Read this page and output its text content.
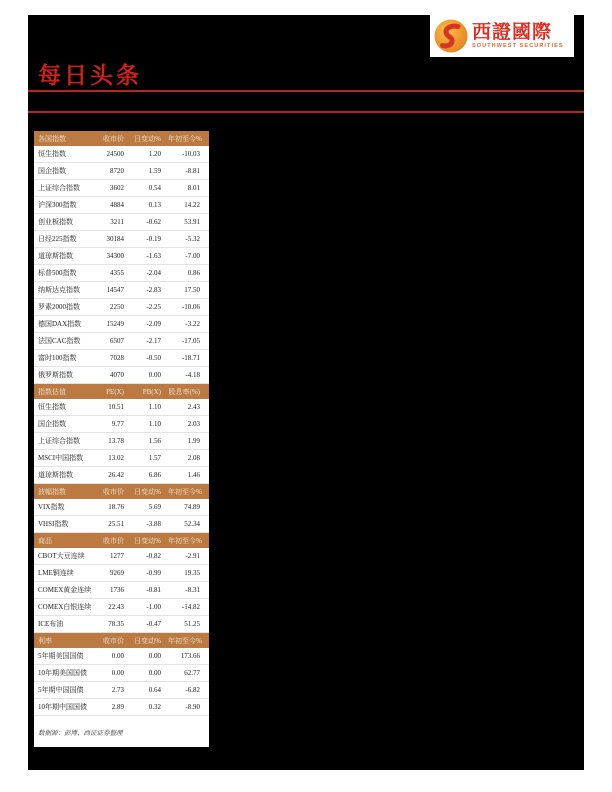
西證國際
SOUTHWEST SECURITIES
每日头条
各国指数	收市价	日变动%	年初至今%
恒生指数	24500	1.20	-10.03
国企指数	8720	1.59	-8.81
上证综合指数	3602	0.54	8.01
沪深300指数	4884	0.13	14.22
创业板指数	3211	-0.62	53.91
日经225指数	30184	-0.19	-5.32
道琼斯指数	34300	-1.63	-7.00
标普500指数	4355	-2.04	0.86
纳斯达克指数	14547	-2.83	17.50
罗素2000指数	2250	-2.25	-10.06
德国DAX指数	15249	-2.09	-3.22
法国CAC指数	6507	-2.17	-17.05
富时100指数	7028	-0.50	-18.71
俄罗斯指数	4070	0.00	-4.18
指数估值	PE(X)	PB(X)	股息率(%)
恒生指数	10.51	1.10	2.43
国企指数	9.77	1.10	2.03
上证综合指数	13.78	1.56	1.99
MSCI中国指数	13.02	1.57	2.08
道琼斯指数	26.42	6.86	1.46
波幅指数	收市价	日变动%	年初至今%
VIX指数	18.76	5.69	74.89
VHSI指数	25.51	-3.88	52.34
商品	收市价	日变动%	年初至今%
CBOT大豆连续	1277	-0.82	-2.91
LME铜连续	9269	-0.99	19.35
COMEX黄金连续	1736	-0.81	-8.31
COMEX白银连续	22.43	-1.00	-14.82
ICE布油	78.35	-0.47	51.25
利率	收市价	日变动%	年初至今%
5年期美国国债	0.00	0.00	173.66
10年期美国国债	0.00	0.00	62.77
5年期中国国债	2.73	0.64	-6.82
10年期中国国债	2.89	0.32	-8.90
数据源：彭博、西证证券整理
